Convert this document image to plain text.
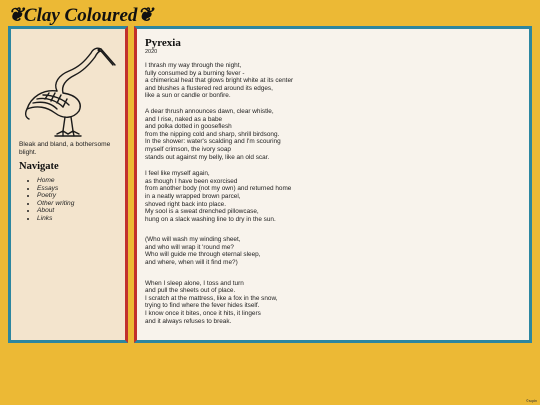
❦Clay Coloured❦

Bleak and bland, a bothersome blight.

Navigate
• Home
• Essays
• Poetry
• Other writing
• About
• Links
Pyrexia

2020

I thrash my way through the night,
fully consumed by a burning fever -
a chimerical heat that glows bright white at its center
and blushes a flustered red around its edges,
like a sun or candle or bonfire.

A dear thrush announces dawn, clear whistle,
and I rise, naked as a babe
and polka dotted in gooseflesh
from the nipping cold and sharp, shrill birdsong.
In the shower: water's scalding and I'm scouring
myself crimson, the ivory soap
stands out against my belly, like an old scar.

I feel like myself again,
as though I have been exorcised
from another body (not my own) and returned home
in a neatly wrapped brown parcel,
shoved right back into place.
My sool is a sweat drenched pillowcase,
hung on a slack washing line to dry in the sun.

(Who will wash my winding sheet,
and who will wrap it 'round me?
Who will guide me through eternal sleep,
and where, when will it find me?)

When I sleep alone, I toss and turn
and pull the sheets out of place.
I scratch at the mattress, like a fox in the snow,
trying to find where the fever hides itself.
I know once it bites, once it hits, it lingers
and it always refuses to break.

©sqdn
